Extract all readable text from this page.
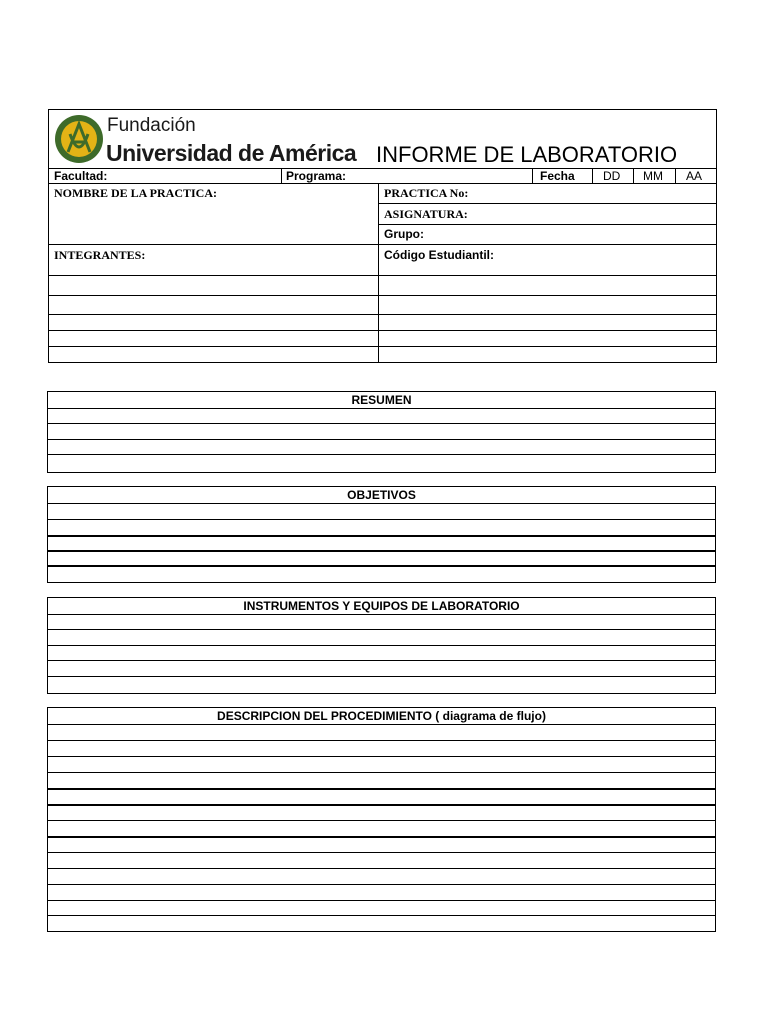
Fundación
Universidad de América INFORME DE LABORATORIO
Facultad:	Programa:	Fecha DD MM AA
NOMBRE DE LA PRACTICA:	PRACTICA No:
ASIGNATURA:
Grupo:
INTEGRANTES:	Código Estudiantil:
RESUMEN
OBJETIVOS
INSTRUMENTOS Y EQUIPOS DE LABORATORIO
DESCRIPCION DEL PROCEDIMIENTO ( diagrama de flujo)
